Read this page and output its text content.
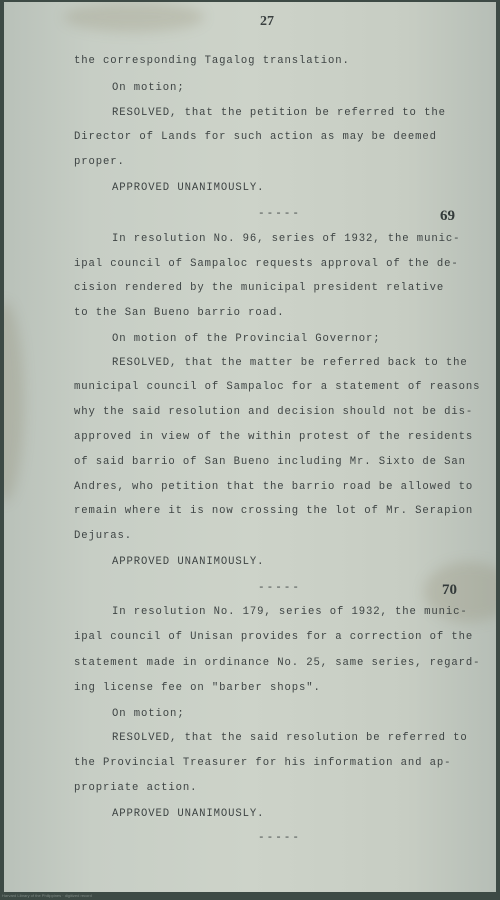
27
the corresponding Tagalog translation.
On motion;
RESOLVED, that the petition be referred to the
Director of Lands for such action as may be deemed
proper.
APPROVED UNANIMOUSLY.
-----	69
In resolution No. 96, series of 1932, the munic-
ipal council of Sampaloc requests approval of the de-
cision rendered by the municipal president relative
to the San Bueno barrio road.
On motion of the Provincial Governor;
RESOLVED, that the matter be referred back to the
municipal council of Sampaloc for a statement of reasons
why the said resolution and decision should not be dis-
approved in view of the within protest of the residents
of said barrio of San Bueno including Mr. Sixto de San
Andres, who petition that the barrio road be allowed to
remain where it is now crossing the lot of Mr. Serapion
Dejuras.
APPROVED UNANIMOUSLY.
-----	70
In resolution No. 179, series of 1932, the munic-
ipal council of Unisan provides for a correction of the
statement made in ordinance No. 25, same series, regard-
ing license fee on "barber shops".
On motion;
RESOLVED, that the said resolution be referred to
the Provincial Treasurer for his information and ap-
propriate action.
APPROVED UNANIMOUSLY.
-----
Harvard Library of the Philippines · digitized record
